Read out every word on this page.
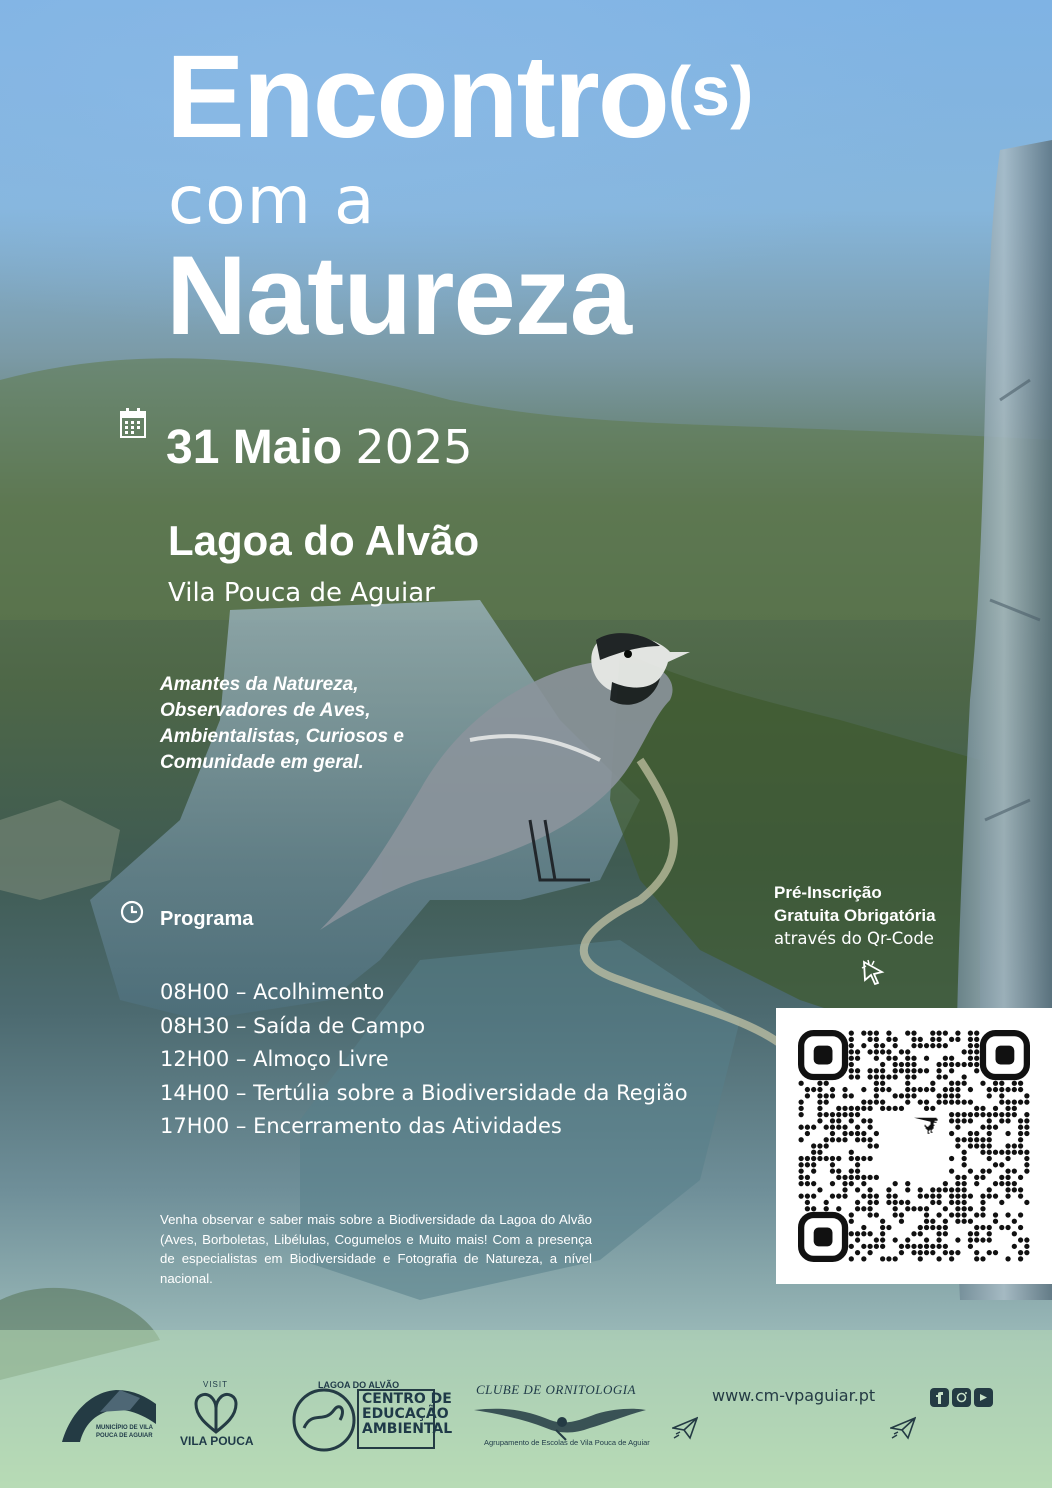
Encontro(s)
com a
Natureza
31 Maio 2025
Lagoa do Alvão
Vila Pouca de Aguiar
Amantes da Natureza,
Observadores de Aves,
Ambientalistas, Curiosos e
Comunidade em geral.
Programa
08H00 – Acolhimento
08H30 – Saída de Campo
12H00 – Almoço Livre
14H00 – Tertúlia sobre a Biodiversidade da Região
17H00 – Encerramento das Atividades
Venha observar e saber mais sobre a Biodiversidade da Lagoa do Alvão (Aves, Borboletas, Libélulas, Cogumelos e Muito mais! Com a presença de especialistas em Biodiversidade e Fotografia de Natureza, a nível nacional.
Pré-Inscrição
Gratuita Obrigatória
através do Qr-Code
www.cm-vpaguiar.pt
MUNICÍPIO DE VILA POUCA DE AGUIAR
VISIT
VILA POUCA
LAGOA DO ALVÃO
CENTRO DE
EDUCAÇÃO
AMBIENTAL
CLUBE DE ORNITOLOGIA
Agrupamento de Escolas de Vila Pouca de Aguiar
